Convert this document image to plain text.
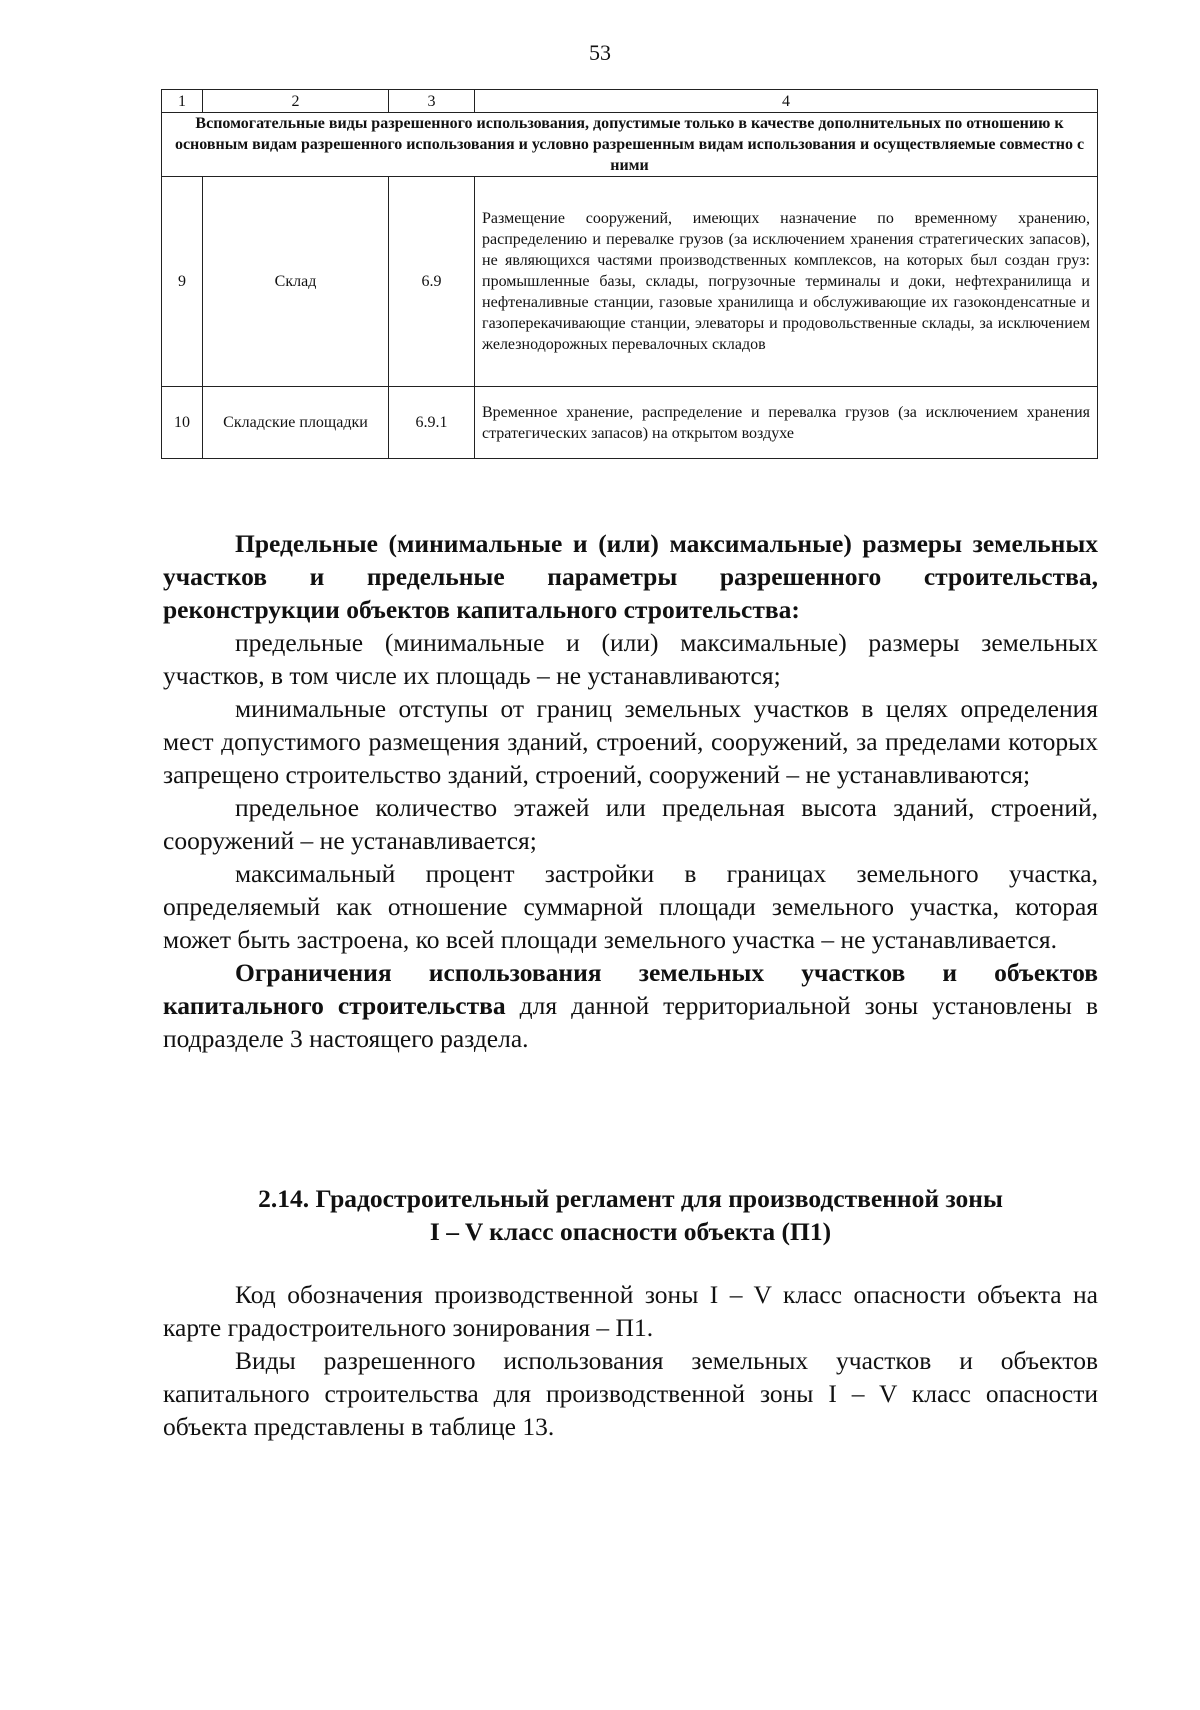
53
1	2	3	4
Вспомогательные виды разрешенного использования, допустимые только в качестве дополнительных по отношению к основным видам разрешенного использования и условно разрешенным видам использования и осуществляемые совместно с ними			
9	Склад	6.9	Размещение сооружений, имеющих назначение по временному хранению, распределению и перевалке грузов (за исключением хранения стратегических запасов), не являющихся частями производственных комплексов, на которых был создан груз: промышленные базы, склады, погрузочные терминалы и доки, нефтехранилища и нефтеналивные станции, газовые хранилища и обслуживающие их газоконденсатные и газоперекачивающие станции, элеваторы и продовольственные склады, за исключением железнодорожных перевалочных складов
10	Складские площадки	6.9.1	Временное хранение, распределение и перевалка грузов (за исключением хранения стратегических запасов) на открытом воздухе

Предельные (минимальные и (или) максимальные) размеры земельных участков и предельные параметры разрешенного строительства, реконструкции объектов капитального строительства:

предельные (минимальные и (или) максимальные) размеры земельных участков, в том числе их площадь – не устанавливаются;

минимальные отступы от границ земельных участков в целях определения мест допустимого размещения зданий, строений, сооружений, за пределами которых запрещено строительство зданий, строений, сооружений – не устанавливаются;

предельное количество этажей или предельная высота зданий, строений, сооружений – не устанавливается;

максимальный процент застройки в границах земельного участка, определяемый как отношение суммарной площади земельного участка, которая может быть застроена, ко всей площади земельного участка – не устанавливается.

Ограничения использования земельных участков и объектов капитального строительства для данной территориальной зоны установлены в подразделе 3 настоящего раздела.

2.14. Градостроительный регламент для производственной зоны
I – V класс опасности объекта (П1)

Код обозначения производственной зоны I – V класс опасности объекта на карте градостроительного зонирования – П1.

Виды разрешенного использования земельных участков и объектов капитального строительства для производственной зоны I – V класс опасности объекта представлены в таблице 13.
